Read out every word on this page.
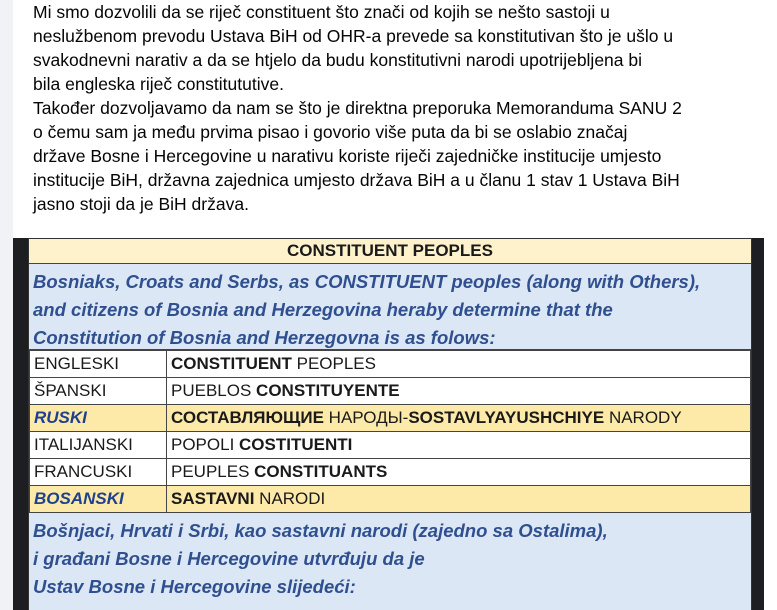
Mi smo dozvolili da se riječ constituent što znači od kojih se nešto sastoji u
neslužbenom prevodu Ustava BiH od OHR-a prevede sa konstitutivan što je ušlo u
svakodnevni narativ a da se htjelo da budu konstitutivni narodi upotrijebljena bi
bila engleska riječ constitututive.

Također dozvoljavamo da nam se što je direktna preporuka Memoranduma SANU 2
o čemu sam ja među prvima pisao i govorio više puta da bi se oslabio značaj
države Bosne i Hercegovine u narativu koriste riječi zajedničke institucije umjesto
institucije BiH, državna zajednica umjesto država BiH a u članu 1 stav 1 Ustava BiH
jasno stoji da je BiH država.

CONSTITUENT PEOPLES
Bosniaks, Croats and Serbs, as CONSTITUENT peoples (along with Others),
and citizens of Bosnia and Herzegovina heraby determine that the
Constitution of Bosnia and Herzegovna is as folows:
ENGLESKI	CONSTITUENT PEOPLES
ŠPANSKI	PUEBLOS CONSTITUYENTE
RUSKI	СОСТАВЛЯЮЩИЕ НАРОДЫ-SOSTAVLYAYUSHCHIYE NARODY
ITALIJANSKI	POPOLI COSTITUENTI
FRANCUSKI	PEUPLES CONSTITUANTS
BOSANSKI	SASTAVNI NARODI
Bošnjaci, Hrvati i Srbi, kao sastavni narodi (zajedno sa Ostalima),
i građani Bosne i Hercegovine utvrđuju da je
Ustav Bosne i Hercegovine slijedeći:
